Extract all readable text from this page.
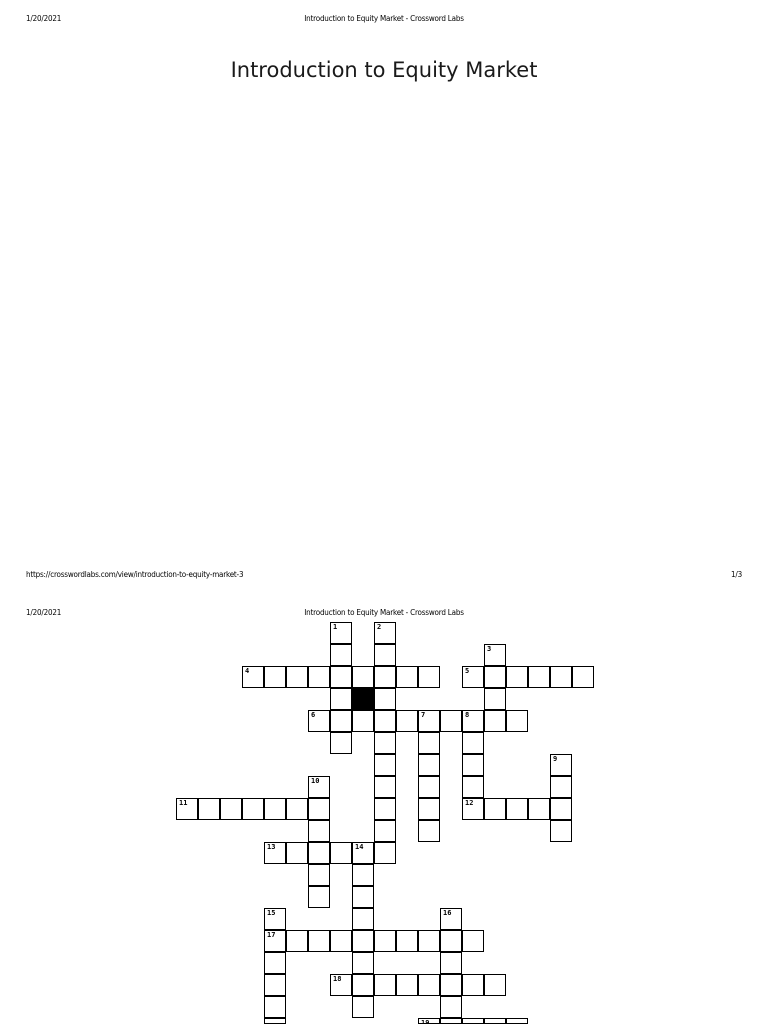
1/20/2021	Introduction to Equity Market - Crossword Labs
Introduction to Equity Market
https://crosswordlabs.com/view/introduction-to-equity-market-3	1/3
1/20/2021	Introduction to Equity Market - Crossword Labs
1	2
3
4	5
6	7	8
9
10
11	12
13	14
15	16
17
18
19
